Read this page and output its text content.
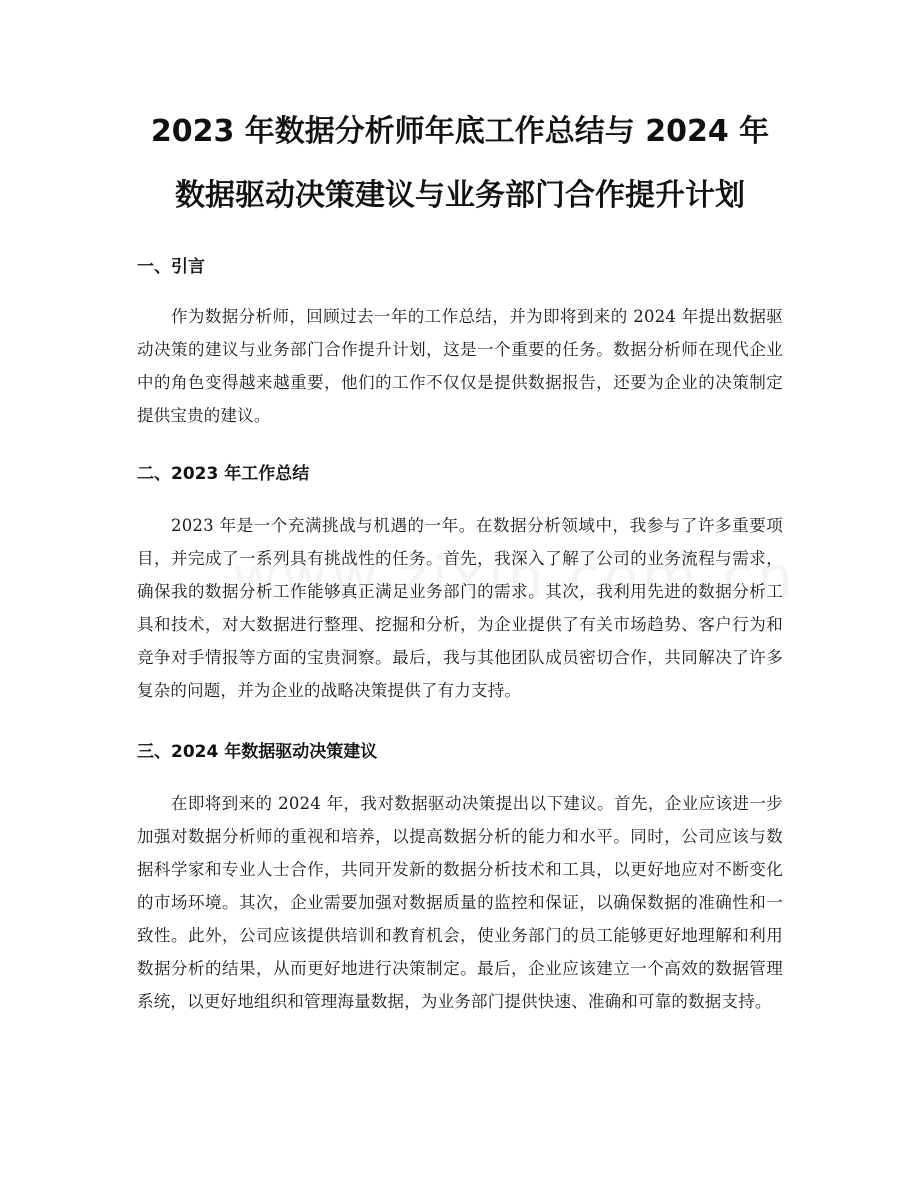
2023 年数据分析师年底工作总结与 2024 年
数据驱动决策建议与业务部门合作提升计划
一、引言

作为数据分析师，回顾过去一年的工作总结，并为即将到来的 2024 年提出数据驱动决策的建议与业务部门合作提升计划，这是一个重要的任务。数据分析师在现代企业中的角色变得越来越重要，他们的工作不仅仅是提供数据报告，还要为企业的决策制定提供宝贵的建议。

二、2023 年工作总结

2023 年是一个充满挑战与机遇的一年。在数据分析领域中，我参与了许多重要项目，并完成了一系列具有挑战性的任务。首先，我深入了解了公司的业务流程与需求，确保我的数据分析工作能够真正满足业务部门的需求。其次，我利用先进的数据分析工具和技术，对大数据进行整理、挖掘和分析，为企业提供了有关市场趋势、客户行为和竞争对手情报等方面的宝贵洞察。最后，我与其他团队成员密切合作，共同解决了许多复杂的问题，并为企业的战略决策提供了有力支持。

三、2024 年数据驱动决策建议

在即将到来的 2024 年，我对数据驱动决策提出以下建议。首先，企业应该进一步加强对数据分析师的重视和培养，以提高数据分析的能力和水平。同时，公司应该与数据科学家和专业人士合作，共同开发新的数据分析技术和工具，以更好地应对不断变化的市场环境。其次，企业需要加强对数据质量的监控和保证，以确保数据的准确性和一致性。此外，公司应该提供培训和教育机会，使业务部门的员工能够更好地理解和利用数据分析的结果，从而更好地进行决策制定。最后，企业应该建立一个高效的数据管理系统，以更好地组织和管理海量数据，为业务部门提供快速、准确和可靠的数据支持。
